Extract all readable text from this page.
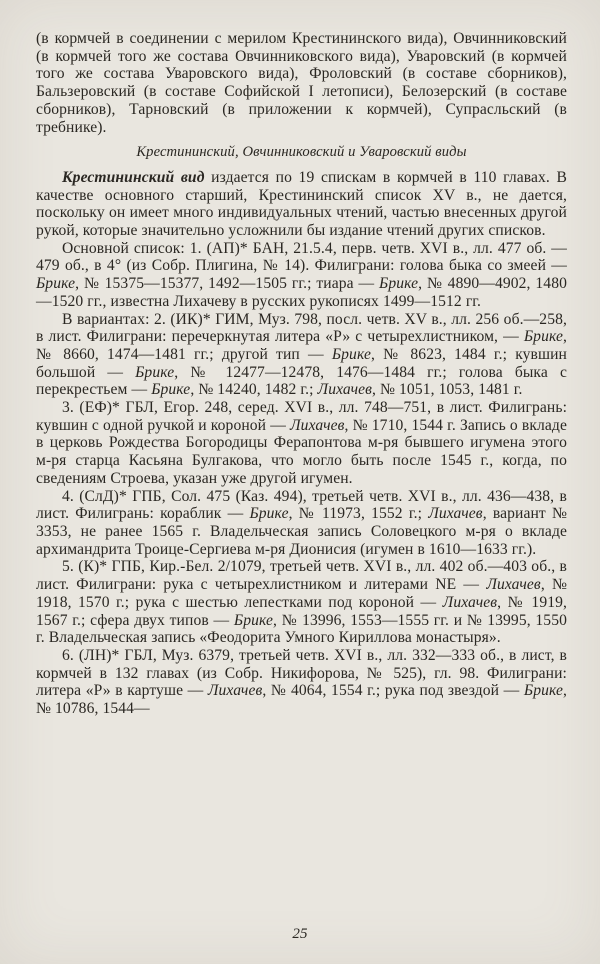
(в кормчей в соединении с мерилом Крестининского вида), Овчинниковский (в кормчей того же состава Овчинниковского вида), Уваровский (в кормчей того же состава Уваровского вида), Фроловский (в составе сборников), Бальзеровский (в составе Софийской I летописи), Белозерский (в составе сборников), Тарновский (в приложении к кормчей), Супрасльский (в требнике).

Крестининский, Овчинниковский и Уваровский виды

Крестининский вид издается по 19 спискам в кормчей в 110 главах. В качестве основного старший, Крестининский список XV в., не дается, поскольку он имеет много индивидуальных чтений, частью внесенных другой рукой, которые значительно усложнили бы издание чтений других списков.

Основной список: 1. (АП)* БАН, 21.5.4, перв. четв. XVI в., лл. 477 об. — 479 об., в 4° (из Собр. Плигина, № 14). Филиграни: голова быка со змеей — Брике, № 15375—15377, 1492—1505 гг.; тиара — Брике, № 4890—4902, 1480—1520 гг., известна Лихачеву в русских рукописях 1499—1512 гг.

В вариантах: 2. (ИК)* ГИМ, Муз. 798, посл. четв. XV в., лл. 256 об.—258, в лист. Филиграни: перечеркнутая литера «Р» с четырехлистником, — Брике, № 8660, 1474—1481 гг.; другой тип — Брике, № 8623, 1484 г.; кувшин большой — Брике, № 12477—12478, 1476—1484 гг.; голова быка с перекрестьем — Брике, № 14240, 1482 г.; Лихачев, № 1051, 1053, 1481 г.

3. (ЕФ)* ГБЛ, Егор. 248, серед. XVI в., лл. 748—751, в лист. Филигрань: кувшин с одной ручкой и короной — Лихачев, № 1710, 1544 г. Запись о вкладе в церковь Рождества Богородицы Ферапонтова м-ря бывшего игумена этого м-ря старца Касьяна Булгакова, что могло быть после 1545 г., когда, по сведениям Строева, указан уже другой игумен.

4. (СлД)* ГПБ, Сол. 475 (Каз. 494), третьей четв. XVI в., лл. 436—438, в лист. Филигрань: кораблик — Брике, № 11973, 1552 г.; Лихачев, вариант № 3353, не ранее 1565 г. Владельческая запись Соловецкого м-ря о вкладе архимандрита Троице-Сергиева м-ря Дионисия (игумен в 1610—1633 гг.).

5. (К)* ГПБ, Кир.-Бел. 2/1079, третьей четв. XVI в., лл. 402 об.—403 об., в лист. Филиграни: рука с четырехлистником и литерами NE — Лихачев, № 1918, 1570 г.; рука с шестью лепестками под короной — Лихачев, № 1919, 1567 г.; сфера двух типов — Брике, № 13996, 1553—1555 гг. и № 13995, 1550 г. Владельческая запись «Феодорита Умного Кириллова монастыря».

6. (ЛН)* ГБЛ, Муз. 6379, третьей четв. XVI в., лл. 332—333 об., в лист, в кормчей в 132 главах (из Собр. Никифорова, № 525), гл. 98. Филиграни: литера «Р» в картуше — Лихачев, № 4064, 1554 г.; рука под звездой — Брике, № 10786, 1544—

25
